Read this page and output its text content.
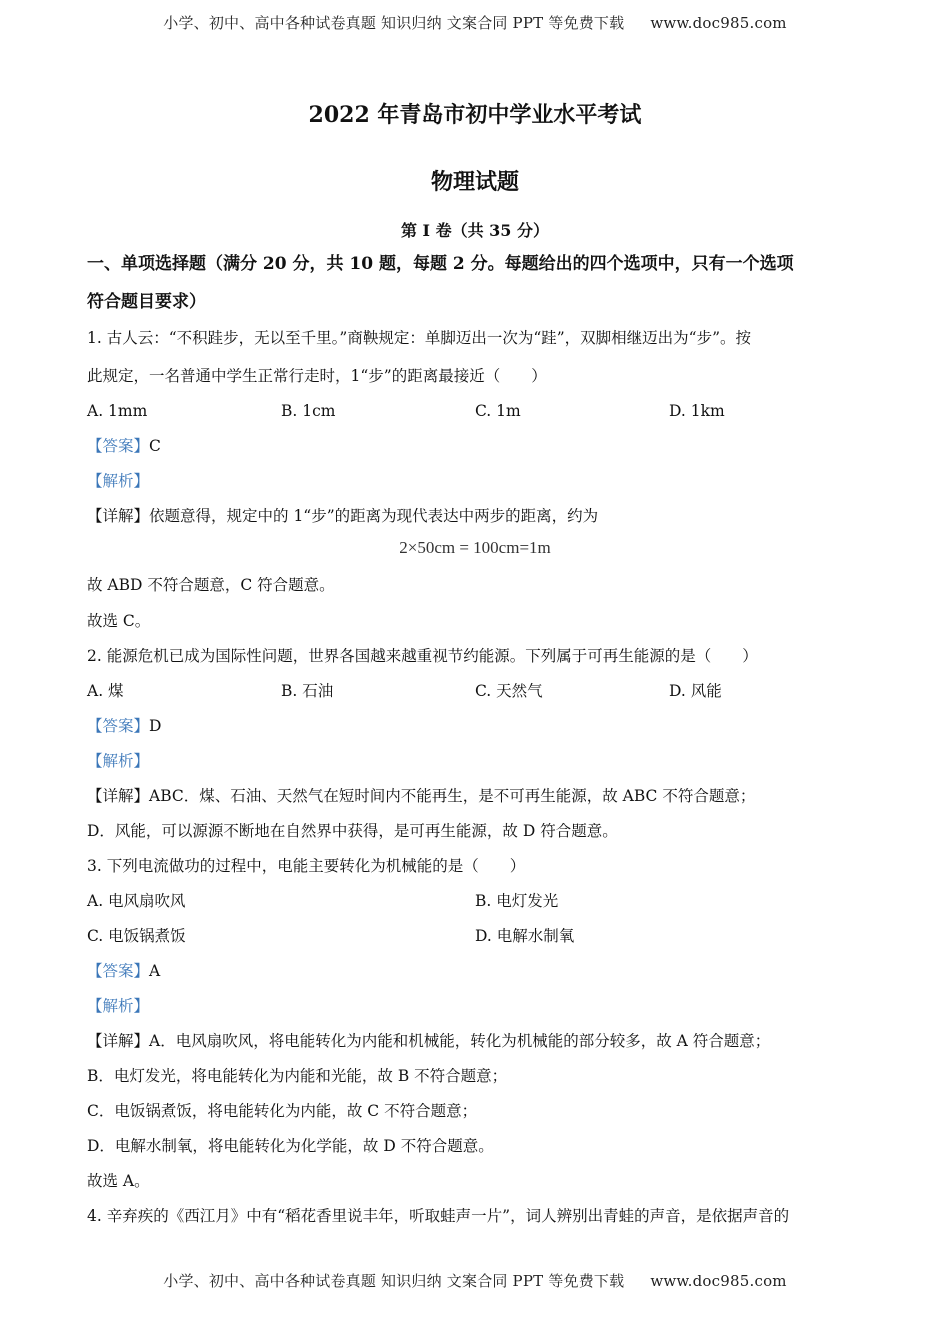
小学、初中、高中各种试卷真题 知识归纳 文案合同 PPT 等免费下载 www.doc985.com
2022 年青岛市初中学业水平考试
物理试题
第 I 卷（共 35 分）
一、单项选择题（满分 20 分，共 10 题，每题 2 分。每题给出的四个选项中，只有一个选项
符合题目要求）
1. 古人云：“不积跬步，无以至千里。”商鞅规定：单脚迈出一次为“跬”，双脚相继迈出为“步”。按
此规定，一名普通中学生正常行走时，1“步”的距离最接近（　　）
A. 1mm	B. 1cm	C. 1m	D. 1km
【答案】C
【解析】
【详解】依题意得，规定中的 1“步”的距离为现代表达中两步的距离，约为
2×50cm = 100cm=1m
故 ABD 不符合题意，C 符合题意。
故选 C。
2. 能源危机已成为国际性问题，世界各国越来越重视节约能源。下列属于可再生能源的是（　　）
A. 煤	B. 石油	C. 天然气	D. 风能
【答案】D
【解析】
【详解】ABC．煤、石油、天然气在短时间内不能再生，是不可再生能源，故 ABC 不符合题意；
D．风能，可以源源不断地在自然界中获得，是可再生能源，故 D 符合题意。
3. 下列电流做功的过程中，电能主要转化为机械能的是（　　）
A. 电风扇吹风	B. 电灯发光
C. 电饭锅煮饭	D. 电解水制氧
【答案】A
【解析】
【详解】A．电风扇吹风，将电能转化为内能和机械能，转化为机械能的部分较多，故 A 符合题意；
B．电灯发光，将电能转化为内能和光能，故 B 不符合题意；
C．电饭锅煮饭，将电能转化为内能，故 C 不符合题意；
D．电解水制氧，将电能转化为化学能，故 D 不符合题意。
故选 A。
4. 辛弃疾的《西江月》中有“稻花香里说丰年，听取蛙声一片”，词人辨别出青蛙的声音，是依据声音的
小学、初中、高中各种试卷真题 知识归纳 文案合同 PPT 等免费下载 www.doc985.com
